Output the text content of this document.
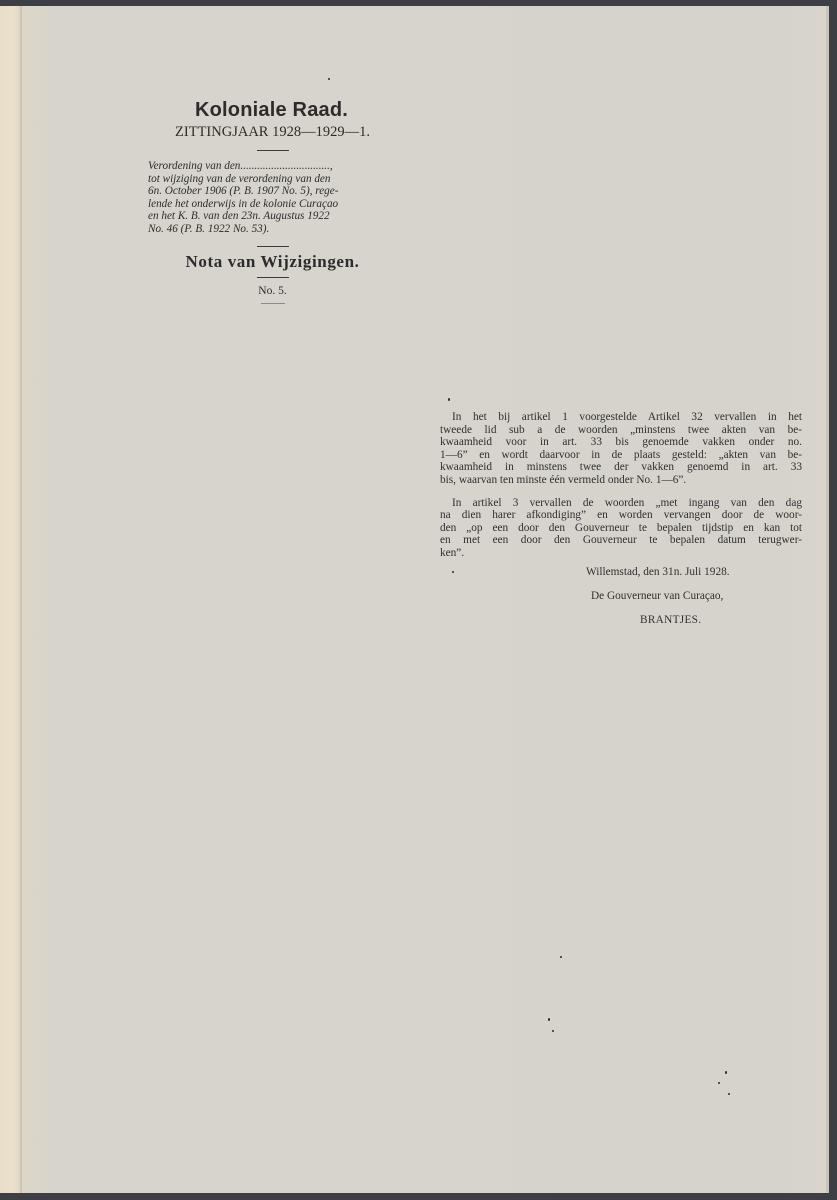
Koloniale Raad.
ZITTINGJAAR 1928—1929—1.
Verordening van den................................,
tot wijziging van de verordening van den
6n. October 1906 (P. B. 1907 No. 5), rege-
lende het onderwijs in de kolonie Curaçao
en het K. B. van den 23n. Augustus 1922
No. 46 (P. B. 1922 No. 53).
Nota van Wijzigingen.
No. 5.
In het bij artikel 1 voorgestelde Artikel 32 vervallen in het
tweede lid sub a de woorden „minstens twee akten van be-
kwaamheid voor in art. 33 bis genoemde vakken onder no.
1—6” en wordt daarvoor in de plaats gesteld: „akten van be-
kwaamheid in minstens twee der vakken genoemd in art. 33
bis, waarvan ten minste één vermeld onder No. 1—6”.
In artikel 3 vervallen de woorden „met ingang van den dag
na dien harer afkondiging” en worden vervangen door de woor-
den „op een door den Gouverneur te bepalen tijdstip en kan tot
en met een door den Gouverneur te bepalen datum terugwer-
ken”.
Willemstad, den 31n. Juli 1928.
De Gouverneur van Curaçao,
BRANTJES.
